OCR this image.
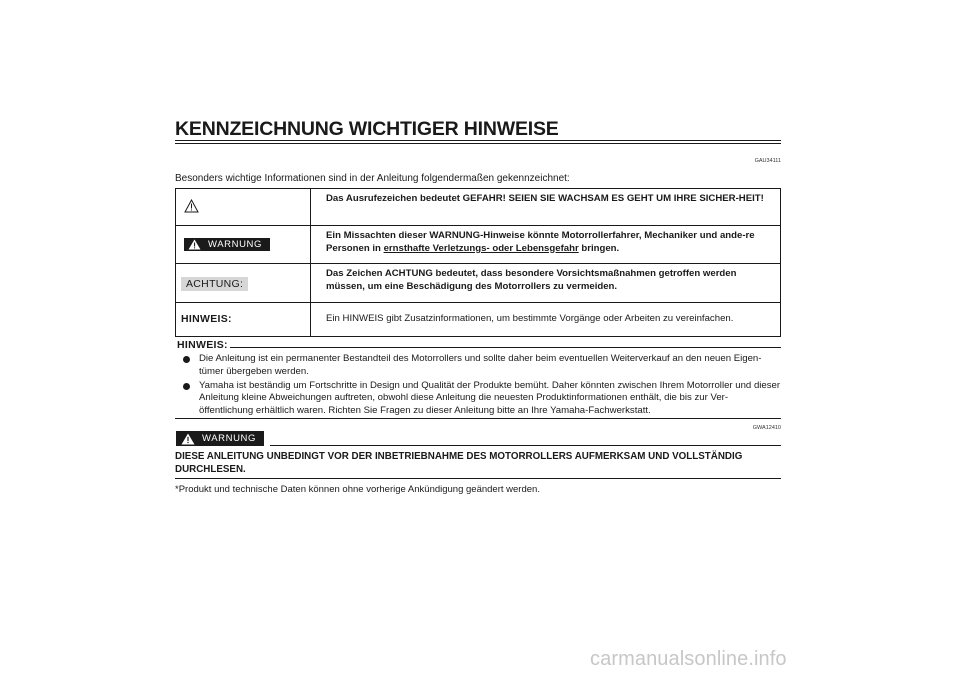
KENNZEICHNUNG WICHTIGER HINWEISE
GAU34111
Besonders wichtige Informationen sind in der Anleitung folgendermaßen gekennzeichnet:
Das Ausrufezeichen bedeutet GEFAHR! SEIEN SIE WACHSAM ES GEHT UM IHRE SICHER-HEIT!
WARNUNG
Ein Missachten dieser WARNUNG-Hinweise könnte Motorrollerfahrer, Mechaniker und ande-re Personen in ernsthafte Verletzungs- oder Lebensgefahr bringen.
ACHTUNG:
Das Zeichen ACHTUNG bedeutet, dass besondere Vorsichtsmaßnahmen getroffen werden müssen, um eine Beschädigung des Motorrollers zu vermeiden.
HINWEIS:	Ein HINWEIS gibt Zusatzinformationen, um bestimmte Vorgänge oder Arbeiten zu vereinfachen.
HINWEIS:
Die Anleitung ist ein permanenter Bestandteil des Motorrollers und sollte daher beim eventuellen Weiterverkauf an den neuen Eigen-tümer übergeben werden.
Yamaha ist beständig um Fortschritte in Design und Qualität der Produkte bemüht. Daher könnten zwischen Ihrem Motorroller und dieser Anleitung kleine Abweichungen auftreten, obwohl diese Anleitung die neuesten Produktinformationen enthält, die bis zur Ver-öffentlichung erhältlich waren. Richten Sie Fragen zu dieser Anleitung bitte an Ihre Yamaha-Fachwerkstatt.
GWA12410
WARNUNG
DIESE ANLEITUNG UNBEDINGT VOR DER INBETRIEBNAHME DES MOTORROLLERS AUFMERKSAM UND VOLLSTÄNDIG DURCHLESEN.
*Produkt und technische Daten können ohne vorherige Ankündigung geändert werden.
carmanualsonline.info
